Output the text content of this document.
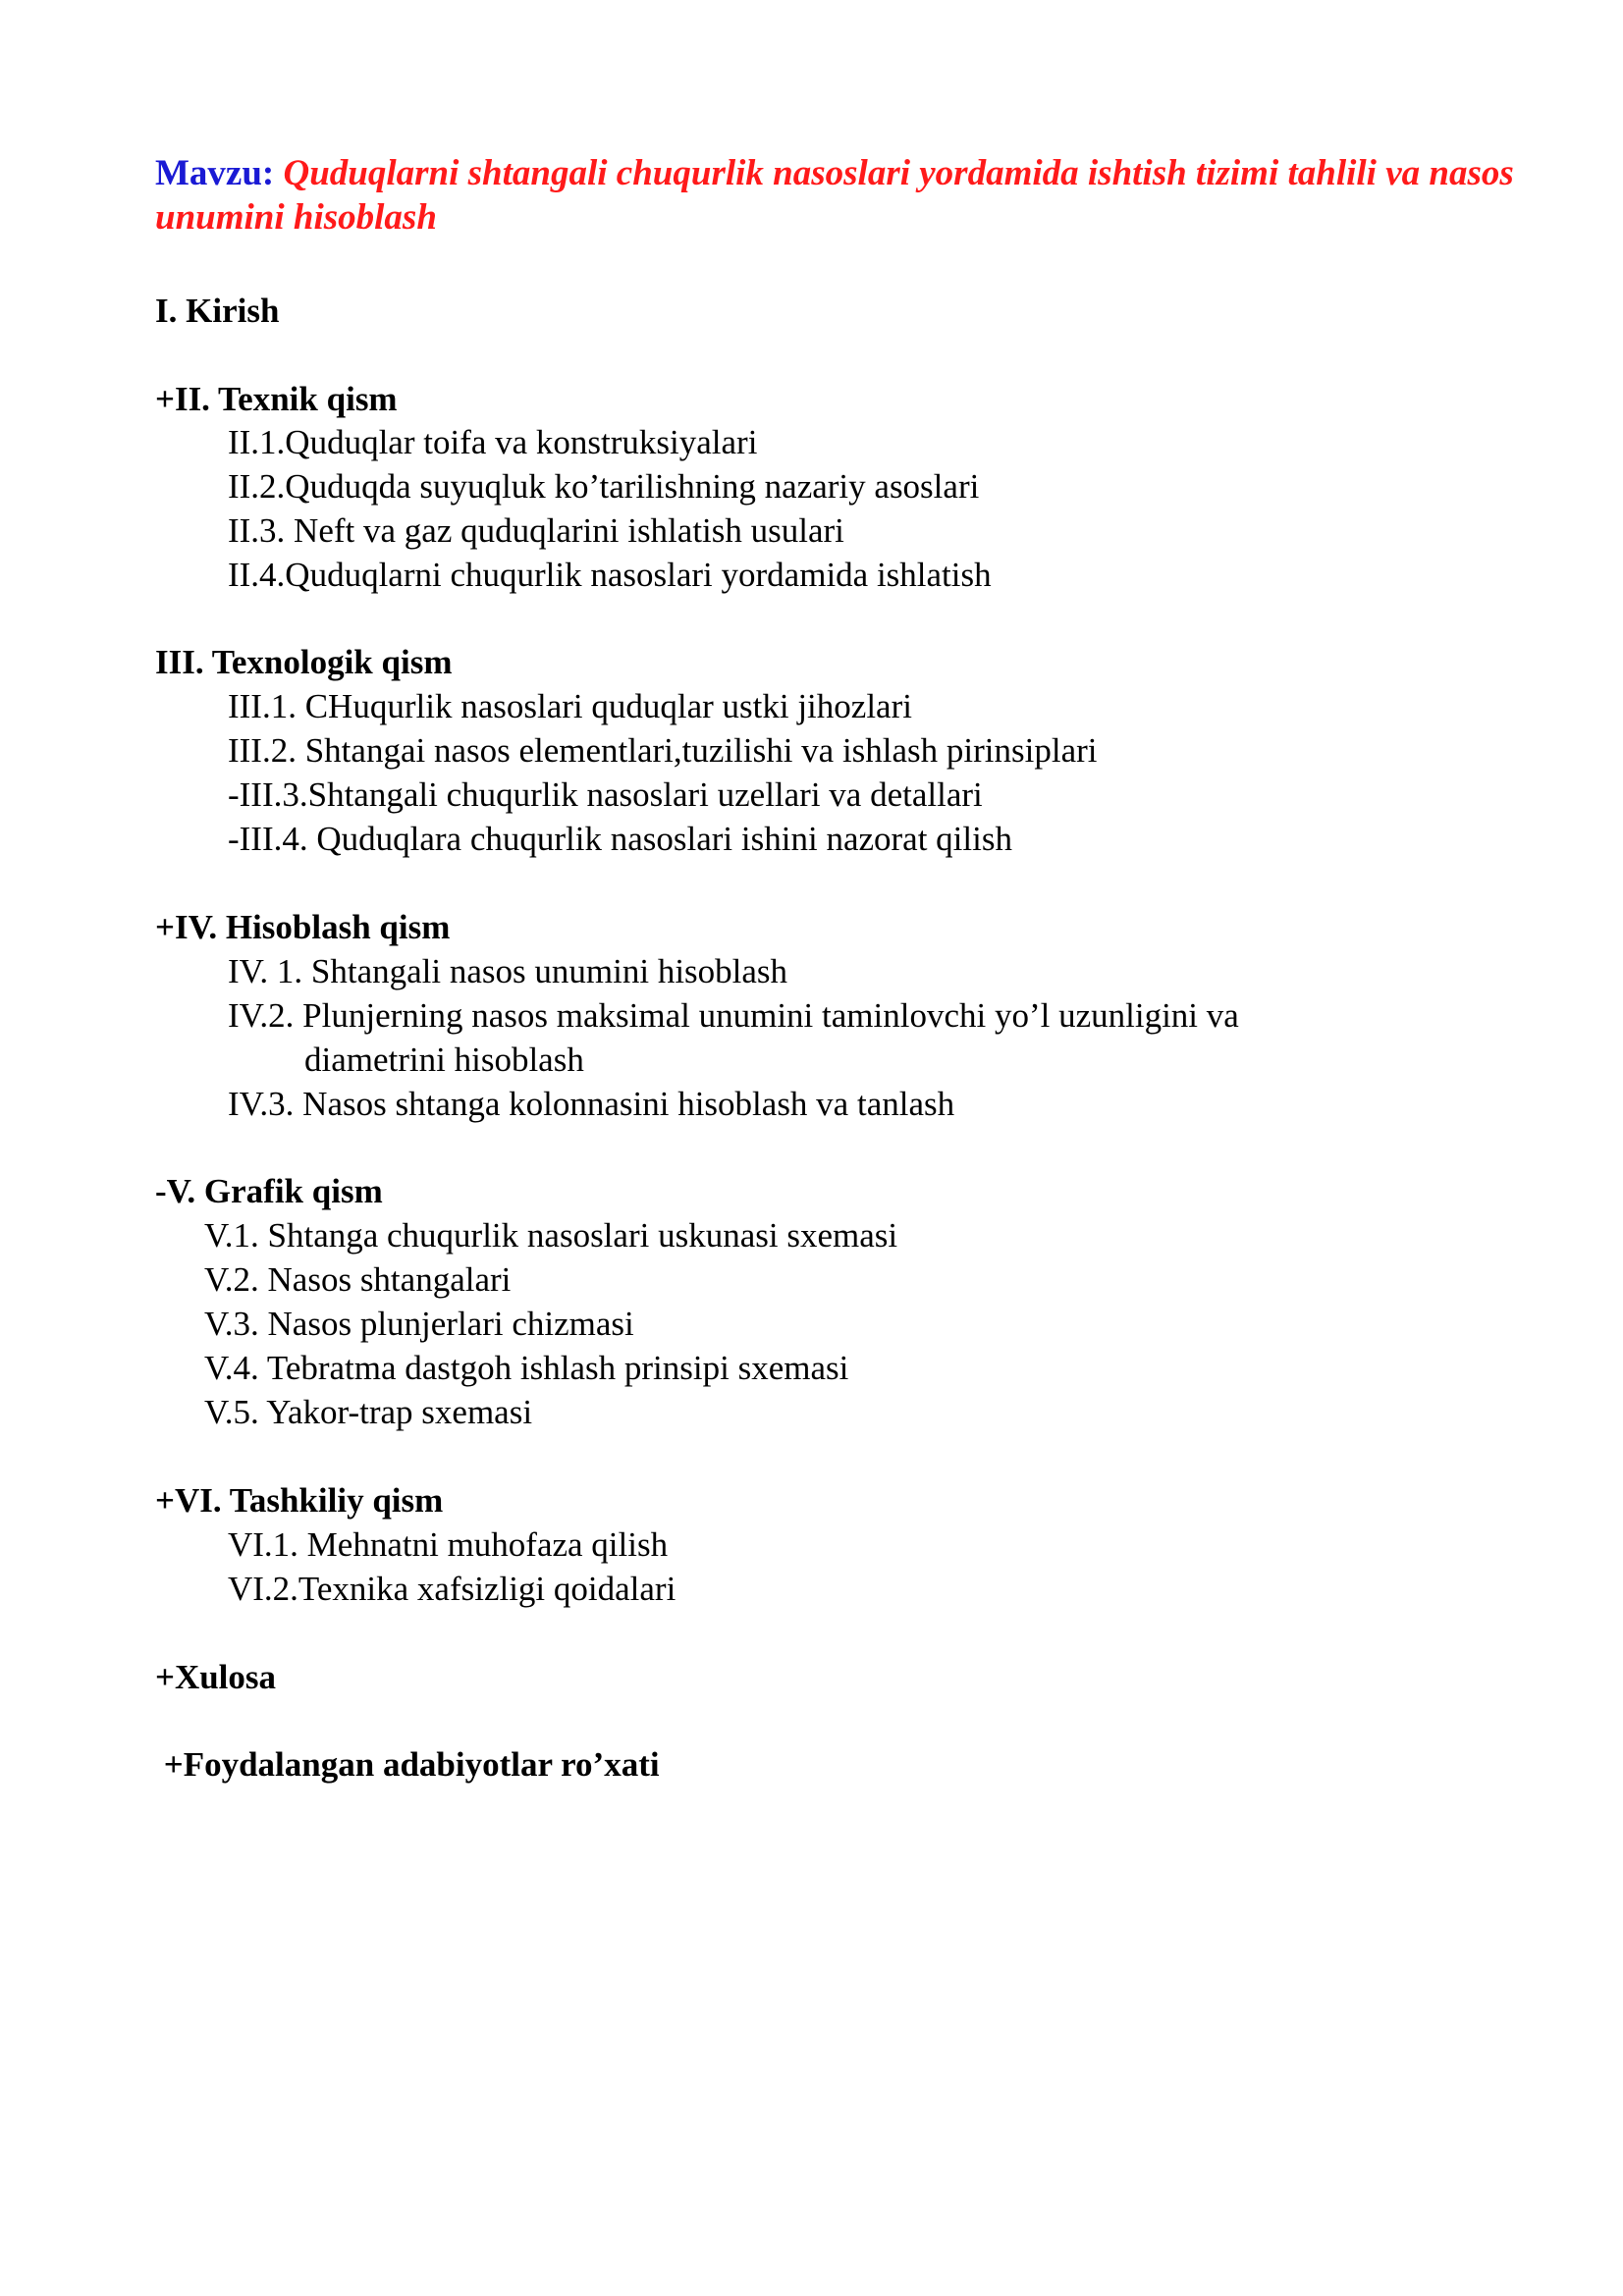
Mavzu: Quduqlarni shtangali chuqurlik nasoslari yordamida ishtish tizimi tahlili va nasos unumini hisoblash
I. Kirish
+II. Texnik qism
II.1.Quduqlar toifa va konstruksiyalari
II.2.Quduqda suyuqluk ko’tarilishning nazariy asoslari
II.3. Neft va gaz quduqlarini ishlatish usulari
II.4.Quduqlarni chuqurlik nasoslari yordamida ishlatish
III. Texnologik qism
III.1. CHuqurlik nasoslari quduqlar ustki jihozlari
III.2. Shtangai nasos elementlari,tuzilishi va ishlash pirinsiplari
-III.3.Shtangali chuqurlik nasoslari uzellari va detallari
-III.4. Quduqlara chuqurlik nasoslari ishini nazorat qilish
+IV. Hisoblash qism
IV. 1. Shtangali nasos unumini hisoblash
IV.2. Plunjerning nasos maksimal unumini taminlovchi yo’l uzunligini va
diametrini hisoblash
IV.3. Nasos shtanga kolonnasini hisoblash va tanlash
-V. Grafik qism
V.1. Shtanga chuqurlik nasoslari uskunasi sxemasi
V.2. Nasos shtangalari
V.3. Nasos plunjerlari chizmasi
V.4. Tebratma dastgoh ishlash prinsipi sxemasi
V.5. Yakor-trap sxemasi
+VI. Tashkiliy qism
VI.1. Mehnatni muhofaza qilish
VI.2.Texnika xafsizligi qoidalari
+Xulosa
+Foydalangan adabiyotlar ro’xati
